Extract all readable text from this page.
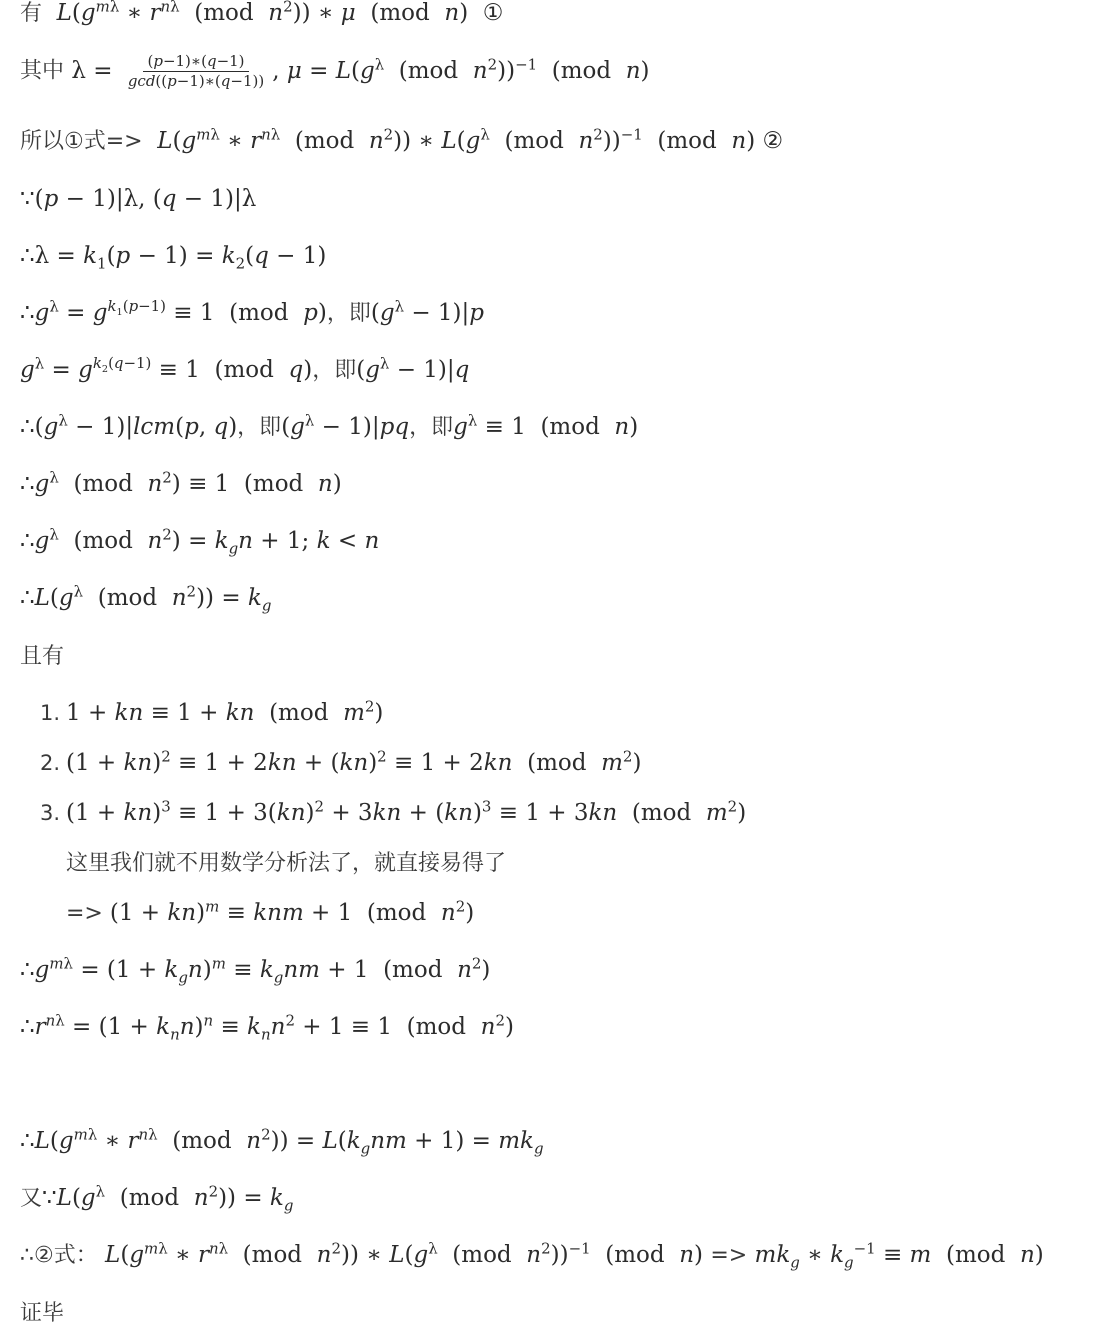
有 $L(g^{m\lambda}$ ∗ $r^{n\lambda}$  (mod  $n^2$)) ∗ μ  (mod  n)  ①
其中 $\lambda = \frac{(p-1)∗(q-1)}{\gcd((p-1)∗(q-1))}$ , $\mu = L(g^\lambda$  (mod  $n^2))^{-1}$  (mod  n)
所以①式=> $L(g^{m\lambda}$ ∗ $r^{n\lambda}$  (mod  $n^2$)) ∗ $L(g^\lambda$  (mod  $n^2))^{-1}$  (mod  n) ②
∵(p − 1)|λ, (q − 1)|λ
∴λ = $k_1(p - 1) = k_2(q - 1)$
$\therefore g^\lambda = g^{k_1(p-1)} \equiv 1$  (mod  p)，即$(g^\lambda - 1)|p$
$g^\lambda = g^{k_2(q-1)} \equiv 1$  (mod  q)，即$(g^\lambda - 1)|q$
$\therefore(g^\lambda - 1)|lcm(p$, q)，即$(g^\lambda - 1)|pq$，即$g^\lambda \equiv 1$  (mod  n)
$\therefore g^\lambda$  (mod  $n^2) \equiv 1$  (mod  n)
$\therefore g^\lambda$  (mod  $n^2) = k_gn + 1$; k < n
$\therefore L(g^\lambda$  (mod  $n^2)) = k_g$
且有
1. 1 + kn ≡ 1 + kn  (mod  $m^2$)
2. (1 + kn)$^2$ ≡ 1 + 2kn + (kn)$^2$ ≡ 1 + 2kn  (mod  $m^2$)
3. (1 + kn)$^3$ ≡ 1 + 3(kn)$^2$ + 3kn + (kn)$^3$ ≡ 1 + 3kn  (mod  $m^2$)
这里我们就不用数学分析法了，就直接易得了
=> (1 + kn)$^m$ ≡ knm + 1  (mod  $n^2$)
$\therefore g^{m\lambda} = (1 + k_gn)^m \equiv k_gnm + 1$  (mod  $n^2$)
$\therefore r^{n\lambda} = (1 + k_nn)^n \equiv k_nn^2 + 1 \equiv 1$  (mod  $n^2$)
$\therefore L(g^{m\lambda}$ ∗ $r^{n\lambda}$  (mod  $n^2)) = L(k_gnm + 1) = mk_g$
又$\because L(g^\lambda$  (mod  $n^2)) = k_g$
∴②式： $L(g^{m\lambda}$ ∗ $r^{n\lambda}$  (mod  $n^2$)) ∗ $L(g^\lambda$  (mod  $n^2))^{-1}$  (mod  $n) => mk_g$ ∗ $k_g^{-1} \equiv m$  (mod  n)
证毕
